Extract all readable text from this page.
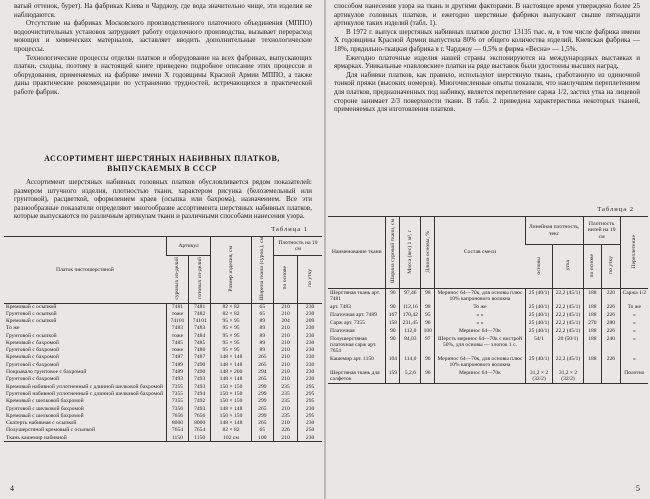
ватый оттенок, бурет). На фабриках Клева и Чарджоу, где вода значительно чище, эти изделия не наблюдаются.

Отсутствие на фабриках Московского производственного платочного объединения (МППО) водоочистительных установок затрудняет работу отделочного производства, вызывает перерасход моющих и химических материалов, заставляет вводить дополнительные технологические процессы.

Технологические процессы отделки платков и оборудование на всех фабриках, выпускающих платки, сходны, поэтому в настоящей книге приведено подробное описание этих процессов и оборудования, применяемых на фабрике имени X годовщины Красной Армии МППО, а также даны практические рекомендации по устранению трудностей, встречающихся в практической работе фабрик.

АССОРТИМЕНТ ШЕРСТЯНЫХ НАБИВНЫХ ПЛАТКОВ,
ВЫПУСКАЕМЫХ В СССР

Ассортимент шерстяных набивных головных платков обусловливается рядом показателей: размером штучного изделия, плотностью ткани, характером рисунка (белоземельный или грунтовой), расцветкой, оформлением краев (осыпка или бахрома), назначением. Все эти разнообразные показатели определяют многообразие ассортимента шерстяных набивных платков, которые выпускаются по различным артикулам ткани и различными способами нанесения узора.

Таблица 1
Платок чистошерстяной	Артикул		Размер изделия, см	Ширина ткани (суров.), см	Плотность на 10 см	
	суровых из-делий	готовых из-делий			по основе	по утку
Кремовый с осыпкой	7481	7481	82 × 82	65	210	230
Грунтовой с осыпкой	тоже	7482	82 × 82	65	210	230
Кремовый с осыпкой	74101	74101	95 × 95	89	204	209
То же	7483	7483	95 × 95	89	210	230
Грунтовой с осыпкой	тоже	7484	95 × 95	89	210	230
Кремовый с бахромой	7485	7485	95 × 95	89	210	230
Грунтовой с бахромой	тоже	7486	95 × 95	89	210	230
Кремовый с бахромой	7487	7487	148 × 148	265	210	230
Грунтовой с бахромой	7489	7490	148 × 148	265	210	230
Покрывало грунтовое с бахромой	7489	7490	148 × 200	294	210	230
Грунтовой с бахромой	7493	7493	148 × 148	265	210	230
Кремовый набивной уплотненный с длинной шелковой бахромой	7355	7493	150 × 150	299	235	295
Грунтовой набивной уплотненный с длинной шелковой бахромой	7355	7494	150 × 150	299	235	295
Кремовый с шелковой бахромой	7355	7492	150 × 150	299	235	295
Грунтовой с шелковой бахромой	7356	7493	148 × 148	265	210	230
Кремовый с шелковой бахромой	7656	7656	150 × 150	299	235	295
Скатерть набивная с осыпкой	8000	8000	148 × 148	265	210	230
Полушерстяной кремовый с осыпкой	7654	7654	82 × 82	65	226	250
Ткань кашемир набивной	1150	1150	102 см	100	210	230
4

способом нанесения узора на ткань и другими факторами. В настоящее время утверждено более 25 артикулов головных платков, и ежегодно шерстяные фабрики выпускают свыше пятнадцати артикулов таких изделий (табл. 1).

В 1972 г. выпуск шерстяных набивных платков достиг 13135 тыс. м, в том числе фабрика имени X годовщины Красной Армии выпустила 80% от общего количества изделий, Киевская фабрика — 18%, прядильно-ткацкая фабрика в г. Чарджоу — 0,5% и фирма «Весна» — 1,5%.

Ежегодно платочные изделия нашей страны экспонируются на международных выставках и ярмарках. Уникальные «павловские» платки на ряде выставок были удостоены высших наград.

Для набивки платков, как правило, используют шерстяную ткань, сработанную из одиночной тонкой пряжи (высоких номеров). Многочисленные опыты показали, что наилучшим переплетением для платков, предназначенных под набивку, является переплетение саржа 1/2, застил утка на лицевой стороне занимает 2/3 поверхности ткани. В табл. 2 приведена характеристика некоторых тканей, применяемых для изготовления платков.

Таблица 2
Наименование ткани	Ширина суровой ткани, см	Масса (вес) 1 м², г	Длина основы, %	Состав смеси	Линейная плотность, текс		Плотность нитей на 10 см		Переплетение
					основы	утка	по основе	по утку	
Шерстяная ткань арт. 7481	90	97,46	98	Меринос 64—70к, для основы плюс 10% капронового волокна	25 (40/1)	22,2 (45/1)	188	220	Саржа 1/2
арт. 7483	90	112,16	98	То же	25 (40/1)	22,2 (45/1)	188	226	То же
Платочная арт. 7489	167	170,42	95	» »	25 (40/1)	22,2 (45/1)	188	226	»
Сарж арт. 7355	158	231,45	96	» »	25 (40/1)	22,2 (45/1)	270	280	»
Платочная	90	112,0	100	Меринос 64—70к	25 (40/1)	22,2 (45/1)	188	226	»
Полушерстяная платочная сарж арт. 7654	90	84,03	97	Шерсть меринос 64—70к с вистрой 50%, для основы — хлопок 1 с.	54/1	20 (50/1)	188	240	»
Кашемир арт. 1150	104	114,0	96	Меринос 64—70к, для основы плюс 10% капронового волокна	25 (40/1)	22,2 (45/1)	188	226	»
Шерстяная ткань для салфеток	159	5,2,6	96	Меринос 64—70к	31,2 × 2 (32/2)	31,2 × 2 (32/2)			Полотно
5
